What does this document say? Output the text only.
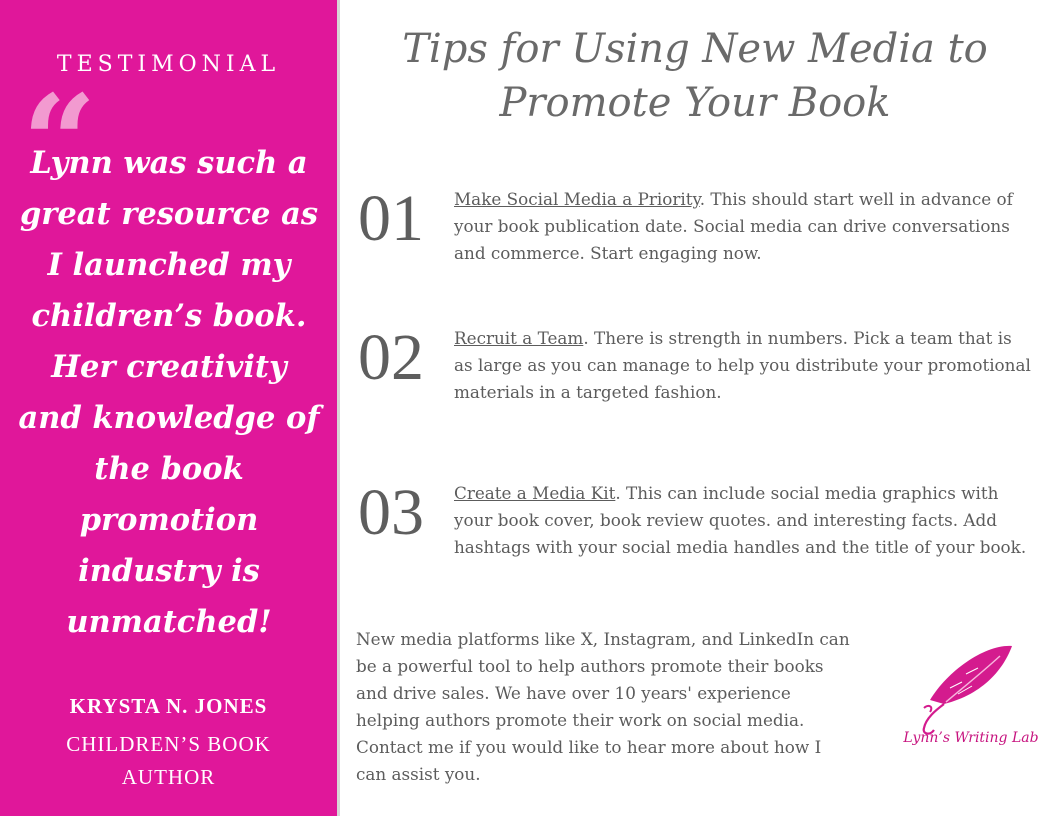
TESTIMONIAL
“
Lynn was such a great resource as I launched my children’s book. Her creativity and knowledge of the book promotion industry is unmatched!
KRYSTA N. JONES
CHILDREN’S BOOK AUTHOR
Tips for Using New Media to
Promote Your Book
01 Make Social Media a Priority. This should start well in advance of your book publication date. Social media can drive conversations and commerce. Start engaging now.
02 Recruit a Team. There is strength in numbers. Pick a team that is as large as you can manage to help you distribute your promotional materials in a targeted fashion.
03 Create a Media Kit. This can include social media graphics with your book cover, book review quotes. and interesting facts. Add hashtags with your social media handles and the title of your book.
New media platforms like X, Instagram, and LinkedIn can be a powerful tool to help authors promote their books and drive sales. We have over 10 years' experience helping authors promote their work on social media. Contact me if you would like to hear more about how I can assist you.
Lynn’s Writing Lab
